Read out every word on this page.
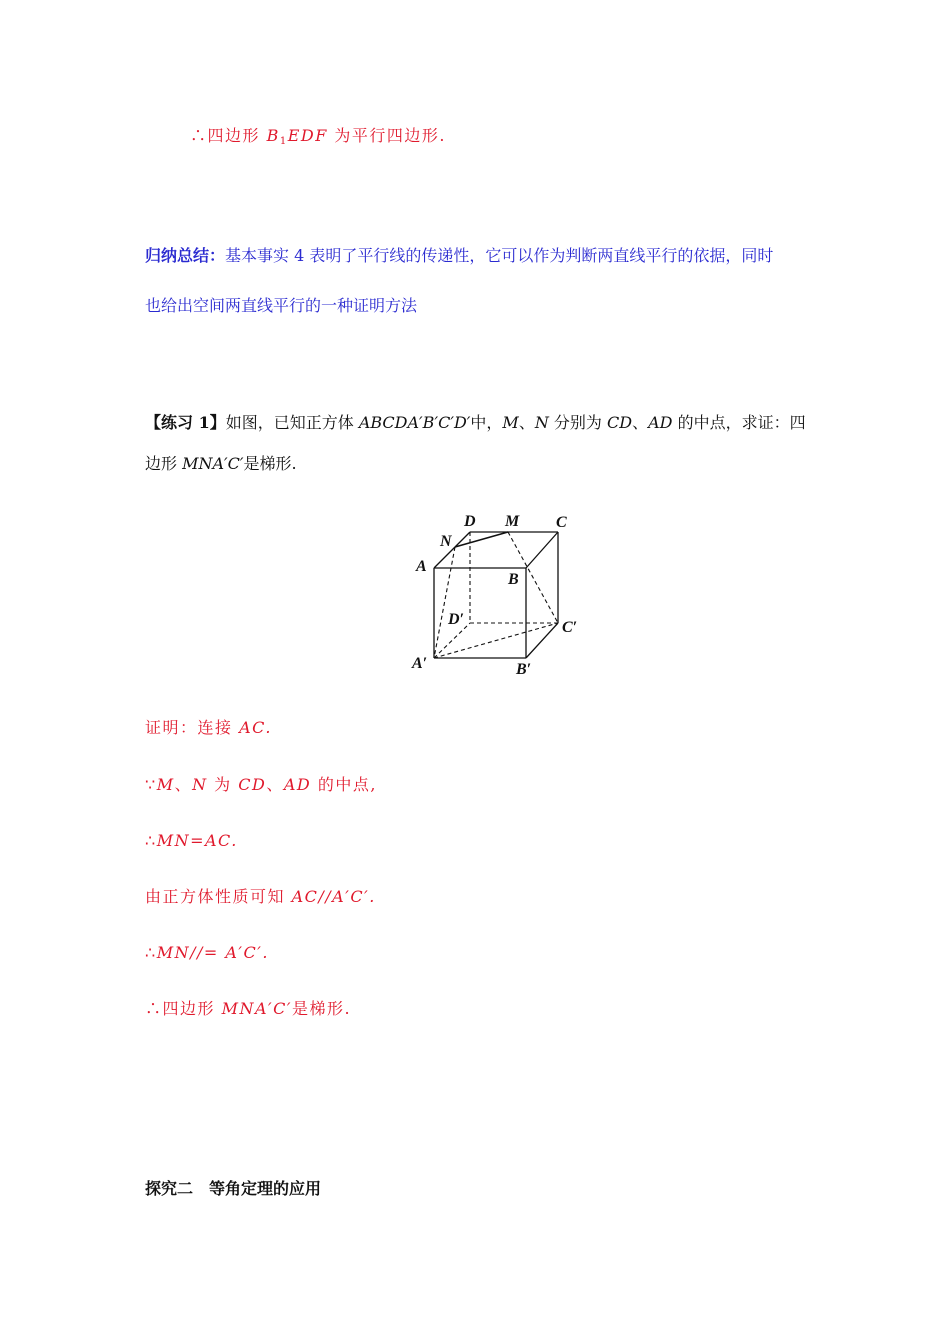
∴四边形 $B_1EDF$ 为平行四边形.
归纳总结：基本事实 4 表明了平行线的传递性，它可以作为判断两直线平行的依据，同时
也给出空间两直线平行的一种证明方法
【练习 1】如图，已知正方体 ABCDA′B′C′D′中，M、N 分别为 CD、AD 的中点，求证：四
边形 MNA′C′是梯形.
D M C
N
A
B
D′	C′
A′	B′
证明：连接 AC.
∵M、N 为 CD、AD 的中点,
∴MN=AC.
由正方体性质可知 AC//A′C′.
∴MN//= A′C′.
∴四边形 MNA′C′是梯形.
探究二　等角定理的应用
